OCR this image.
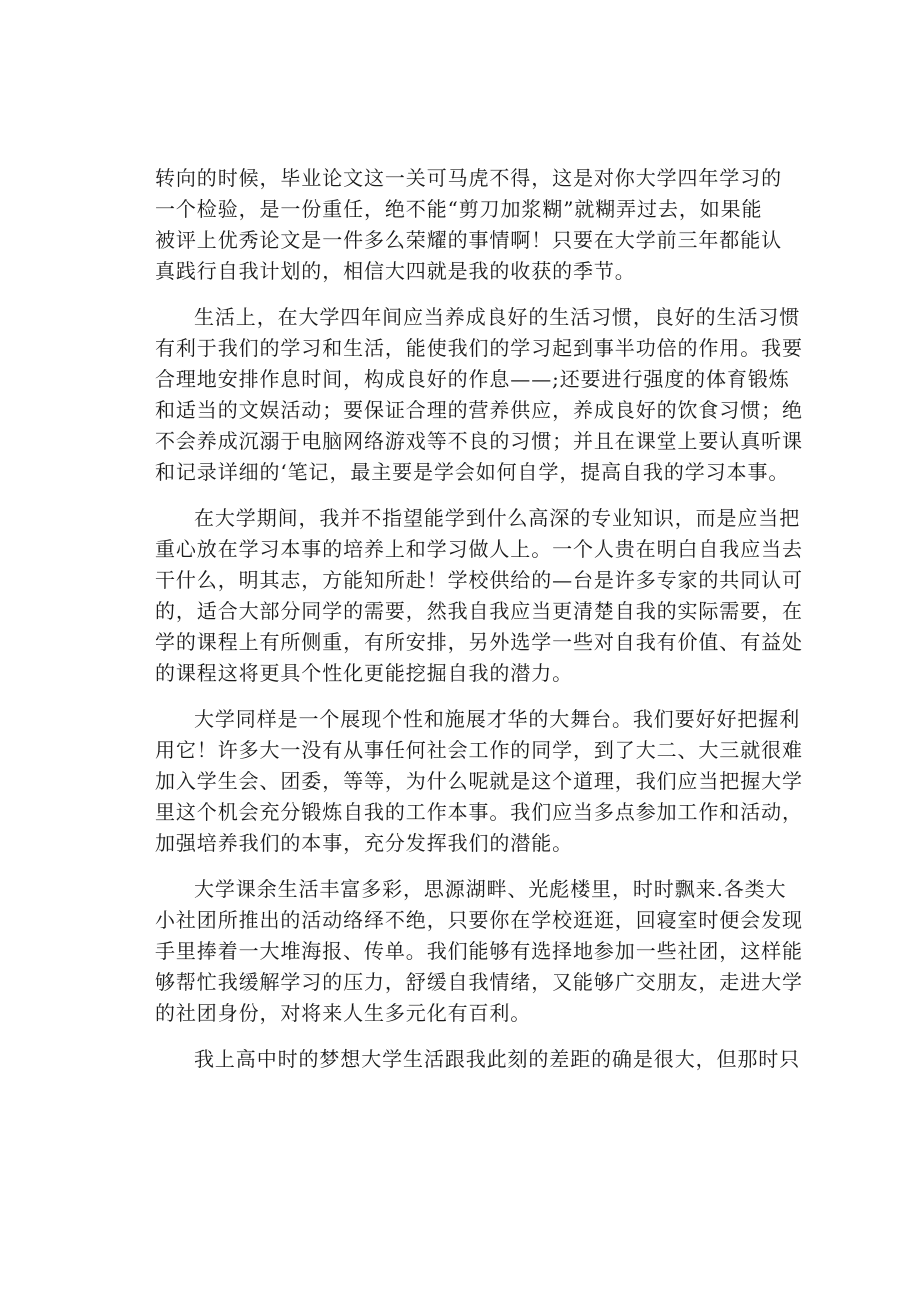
转向的时候，毕业论文这一关可马虎不得，这是对你大学四年学习的
一个检验，是一份重任，绝不能“剪刀加浆糊”就糊弄过去，如果能
被评上优秀论文是一件多么荣耀的事情啊！只要在大学前三年都能认
真践行自我计划的，相信大四就是我的收获的季节。
生活上，在大学四年间应当养成良好的生活习惯，良好的生活习惯
有利于我们的学习和生活，能使我们的学习起到事半功倍的作用。我要
合理地安排作息时间，构成良好的作息——;还要进行强度的体育锻炼
和适当的文娱活动；要保证合理的营养供应，养成良好的饮食习惯；绝
不会养成沉溺于电脑网络游戏等不良的习惯；并且在课堂上要认真听课
和记录详细的‘笔记，最主要是学会如何自学，提高自我的学习本事。
在大学期间，我并不指望能学到什么高深的专业知识，而是应当把
重心放在学习本事的培养上和学习做人上。一个人贵在明白自我应当去
干什么，明其志，方能知所赴！学校供给的—台是许多专家的共同认可
的，适合大部分同学的需要，然我自我应当更清楚自我的实际需要，在
学的课程上有所侧重，有所安排，另外选学一些对自我有价值、有益处
的课程这将更具个性化更能挖掘自我的潜力。
大学同样是一个展现个性和施展才华的大舞台。我们要好好把握利
用它！许多大一没有从事任何社会工作的同学，到了大二、大三就很难
加入学生会、团委，等等，为什么呢就是这个道理，我们应当把握大学
里这个机会充分锻炼自我的工作本事。我们应当多点参加工作和活动，
加强培养我们的本事，充分发挥我们的潜能。
大学课余生活丰富多彩，思源湖畔、光彪楼里，时时飘来.各类大
小社团所推出的活动络绎不绝，只要你在学校逛逛，回寝室时便会发现
手里捧着一大堆海报、传单。我们能够有选择地参加一些社团，这样能
够帮忙我缓解学习的压力，舒缓自我情绪，又能够广交朋友，走进大学
的社团身份，对将来人生多元化有百利。
我上高中时的梦想大学生活跟我此刻的差距的确是很大，但那时只
